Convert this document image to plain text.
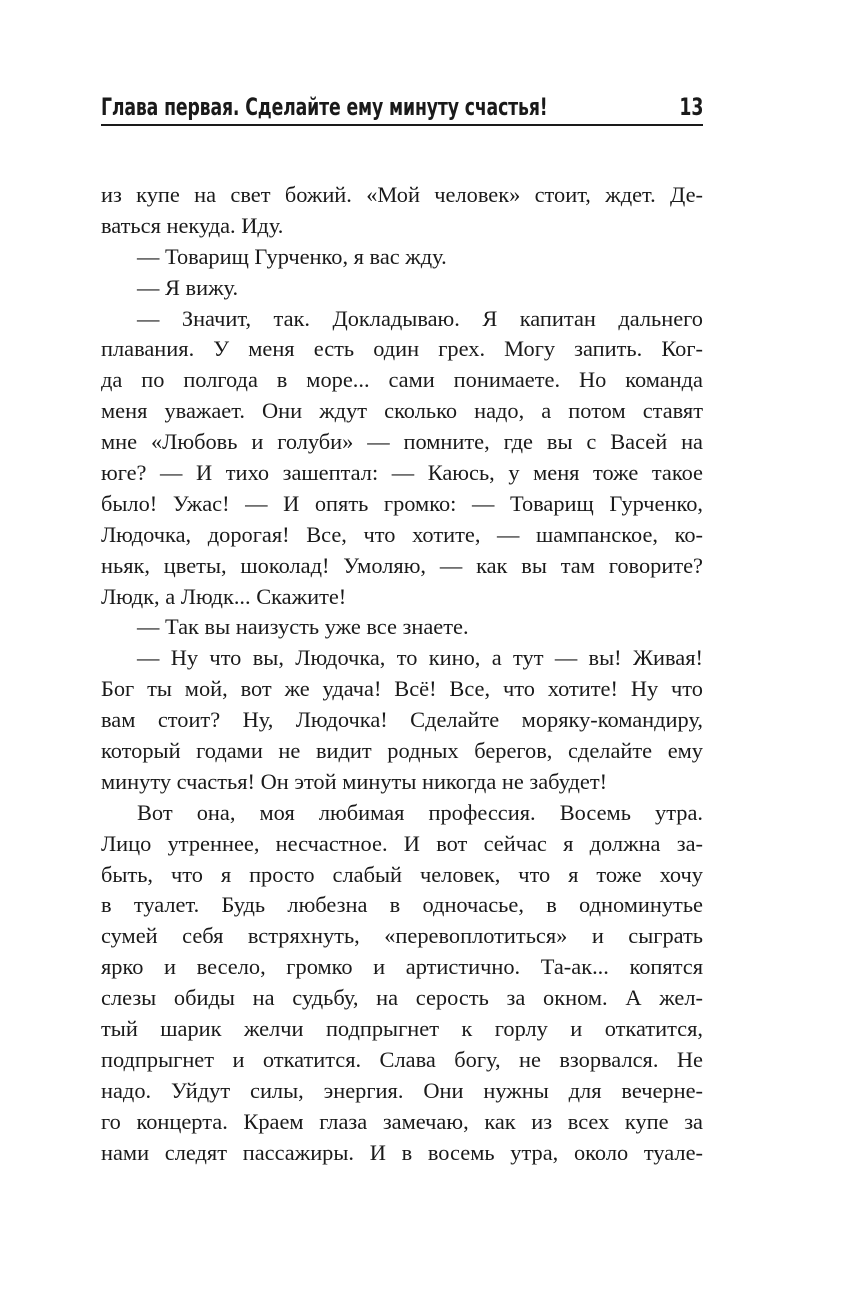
Глава первая. Сделайте ему минуту счастья!	13
из купе на свет божий. «Мой человек» стоит, ждет. Де-
ваться некуда. Иду.
— Товарищ Гурченко, я вас жду.
— Я вижу.
— Значит, так. Докладываю. Я капитан дальнего
плавания. У меня есть один грех. Могу запить. Ког-
да по полгода в море... сами понимаете. Но команда
меня уважает. Они ждут сколько надо, а потом ставят
мне «Любовь и голуби» — помните, где вы с Васей на
юге? — И тихо зашептал: — Каюсь, у меня тоже такое
было! Ужас! — И опять громко: — Товарищ Гурченко,
Людочка, дорогая! Все, что хотите, — шампанское, ко-
ньяк, цветы, шоколад! Умоляю, — как вы там говорите?
Людк, а Людк... Скажите!
— Так вы наизусть уже все знаете.
— Ну что вы, Людочка, то кино, а тут — вы! Живая!
Бог ты мой, вот же удача! Всё! Все, что хотите! Ну что
вам стоит? Ну, Людочка! Сделайте моряку-командиру,
который годами не видит родных берегов, сделайте ему
минуту счастья! Он этой минуты никогда не забудет!
Вот она, моя любимая профессия. Восемь утра.
Лицо утреннее, несчастное. И вот сейчас я должна за-
быть, что я просто слабый человек, что я тоже хочу
в туалет. Будь любезна в одночасье, в одноминутье
сумей себя встряхнуть, «перевоплотиться» и сыграть
ярко и весело, громко и артистично. Та-ак... копятся
слезы обиды на судьбу, на серость за окном. А жел-
тый шарик желчи подпрыгнет к горлу и откатится,
подпрыгнет и откатится. Слава богу, не взорвался. Не
надо. Уйдут силы, энергия. Они нужны для вечерне-
го концерта. Краем глаза замечаю, как из всех купе за
нами следят пассажиры. И в восемь утра, около туале-
